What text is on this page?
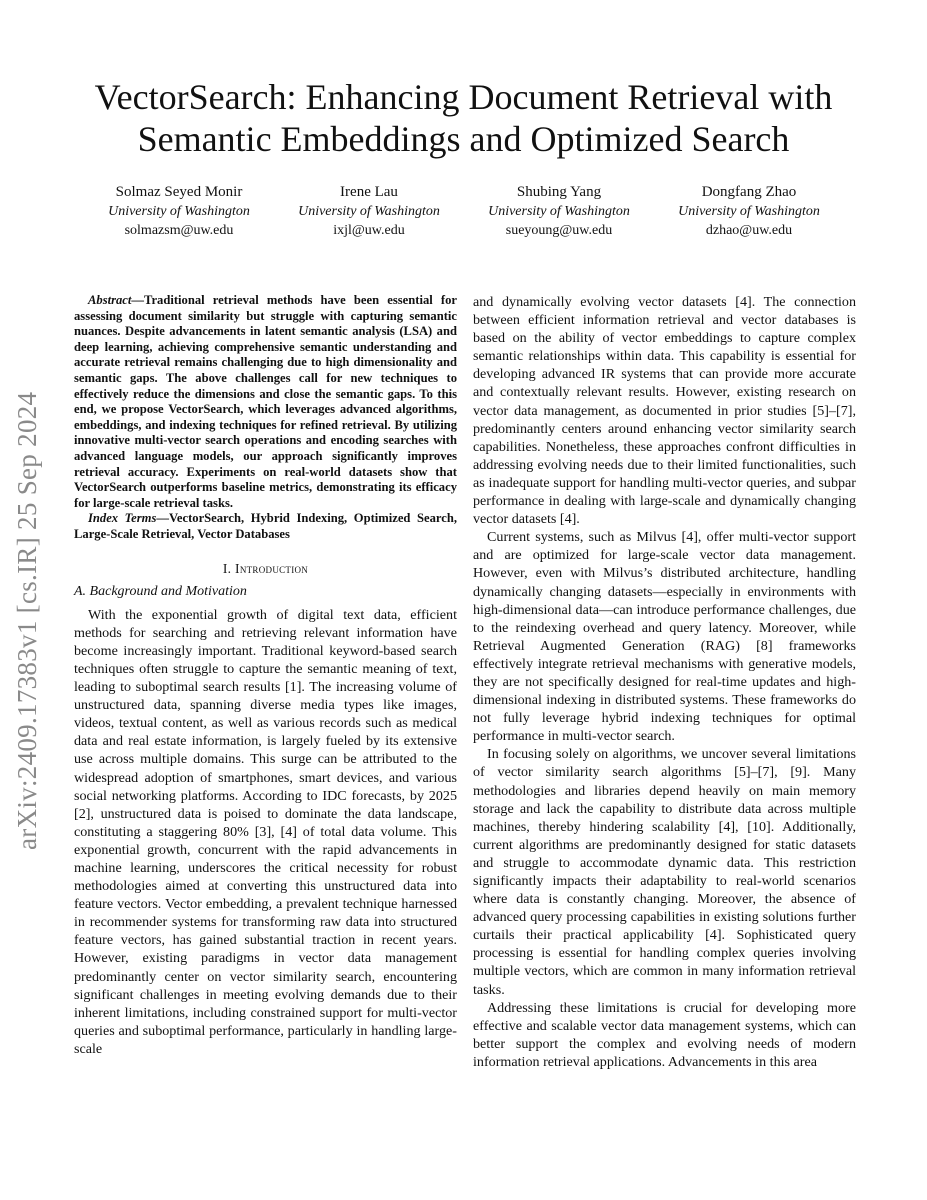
arXiv:2409.17383v1 [cs.IR] 25 Sep 2024
VectorSearch: Enhancing Document Retrieval with
Semantic Embeddings and Optimized Search
Solmaz Seyed Monir
University of Washington
solmazsm@uw.edu
Irene Lau
University of Washington
ixjl@uw.edu
Shubing Yang
University of Washington
sueyoung@uw.edu
Dongfang Zhao
University of Washington
dzhao@uw.edu

Abstract—Traditional retrieval methods have been essential for assessing document similarity but struggle with capturing semantic nuances. Despite advancements in latent semantic analysis (LSA) and deep learning, achieving comprehensive semantic understanding and accurate retrieval remains challenging due to high dimensionality and semantic gaps. The above challenges call for new techniques to effectively reduce the dimensions and close the semantic gaps. To this end, we propose VectorSearch, which leverages advanced algorithms, embeddings, and indexing techniques for refined retrieval. By utilizing innovative multi-vector search operations and encoding searches with advanced language models, our approach significantly improves retrieval accuracy. Experiments on real-world datasets show that VectorSearch outperforms baseline metrics, demonstrating its efficacy for large-scale retrieval tasks.

Index Terms—VectorSearch, Hybrid Indexing, Optimized Search, Large-Scale Retrieval, Vector Databases

I. Introduction
A. Background and Motivation

With the exponential growth of digital text data, efficient methods for searching and retrieving relevant information have become increasingly important. Traditional keyword-based search techniques often struggle to capture the semantic meaning of text, leading to suboptimal search results [1]. The increasing volume of unstructured data, spanning diverse media types like images, videos, textual content, as well as various records such as medical data and real estate information, is largely fueled by its extensive use across multiple domains. This surge can be attributed to the widespread adoption of smartphones, smart devices, and various social networking platforms. According to IDC forecasts, by 2025 [2], unstructured data is poised to dominate the data landscape, constituting a staggering 80% [3], [4] of total data volume. This exponential growth, concurrent with the rapid advancements in machine learning, underscores the critical necessity for robust methodologies aimed at converting this unstructured data into feature vectors. Vector embedding, a prevalent technique harnessed in recommender systems for transforming raw data into structured feature vectors, has gained substantial traction in recent years. However, existing paradigms in vector data management predominantly center on vector similarity search, encountering significant challenges in meeting evolving demands due to their inherent limitations, including constrained support for multi-vector queries and suboptimal performance, particularly in handling large-scale

and dynamically evolving vector datasets [4]. The connection between efficient information retrieval and vector databases is based on the ability of vector embeddings to capture complex semantic relationships within data. This capability is essential for developing advanced IR systems that can provide more accurate and contextually relevant results. However, existing research on vector data management, as documented in prior studies [5]–[7], predominantly centers around enhancing vector similarity search capabilities. Nonetheless, these approaches confront difficulties in addressing evolving needs due to their limited functionalities, such as inadequate support for handling multi-vector queries, and subpar performance in dealing with large-scale and dynamically changing vector datasets [4].

Current systems, such as Milvus [4], offer multi-vector support and are optimized for large-scale vector data management. However, even with Milvus’s distributed architecture, handling dynamically changing datasets—especially in environments with high-dimensional data—can introduce performance challenges, due to the reindexing overhead and query latency. Moreover, while Retrieval Augmented Generation (RAG) [8] frameworks effectively integrate retrieval mechanisms with generative models, they are not specifically designed for real-time updates and high-dimensional indexing in distributed systems. These frameworks do not fully leverage hybrid indexing techniques for optimal performance in multi-vector search.

In focusing solely on algorithms, we uncover several limitations of vector similarity search algorithms [5]–[7], [9]. Many methodologies and libraries depend heavily on main memory storage and lack the capability to distribute data across multiple machines, thereby hindering scalability [4], [10]. Additionally, current algorithms are predominantly designed for static datasets and struggle to accommodate dynamic data. This restriction significantly impacts their adaptability to real-world scenarios where data is constantly changing. Moreover, the absence of advanced query processing capabilities in existing solutions further curtails their practical applicability [4]. Sophisticated query processing is essential for handling complex queries involving multiple vectors, which are common in many information retrieval tasks.

Addressing these limitations is crucial for developing more effective and scalable vector data management systems, which can better support the complex and evolving needs of modern information retrieval applications. Advancements in this area
